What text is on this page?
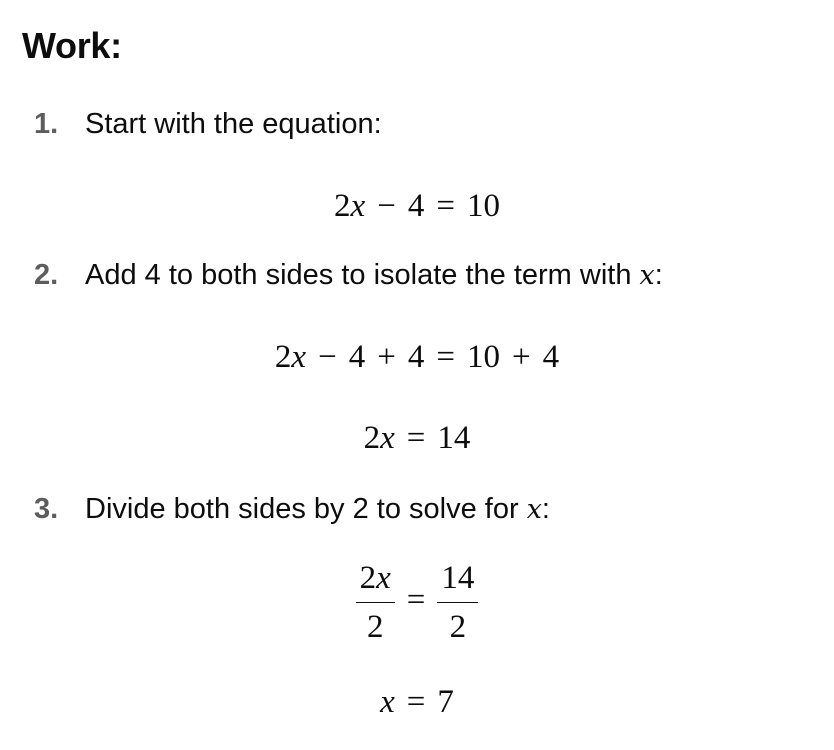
Work:
1. Start with the equation:
2x − 4 = 10
2. Add 4 to both sides to isolate the term with x:
2x − 4 + 4 = 10 + 4
2x = 14
3. Divide both sides by 2 to solve for x:
$\frac{2x}{2} = \frac{14}{2}$
x = 7
